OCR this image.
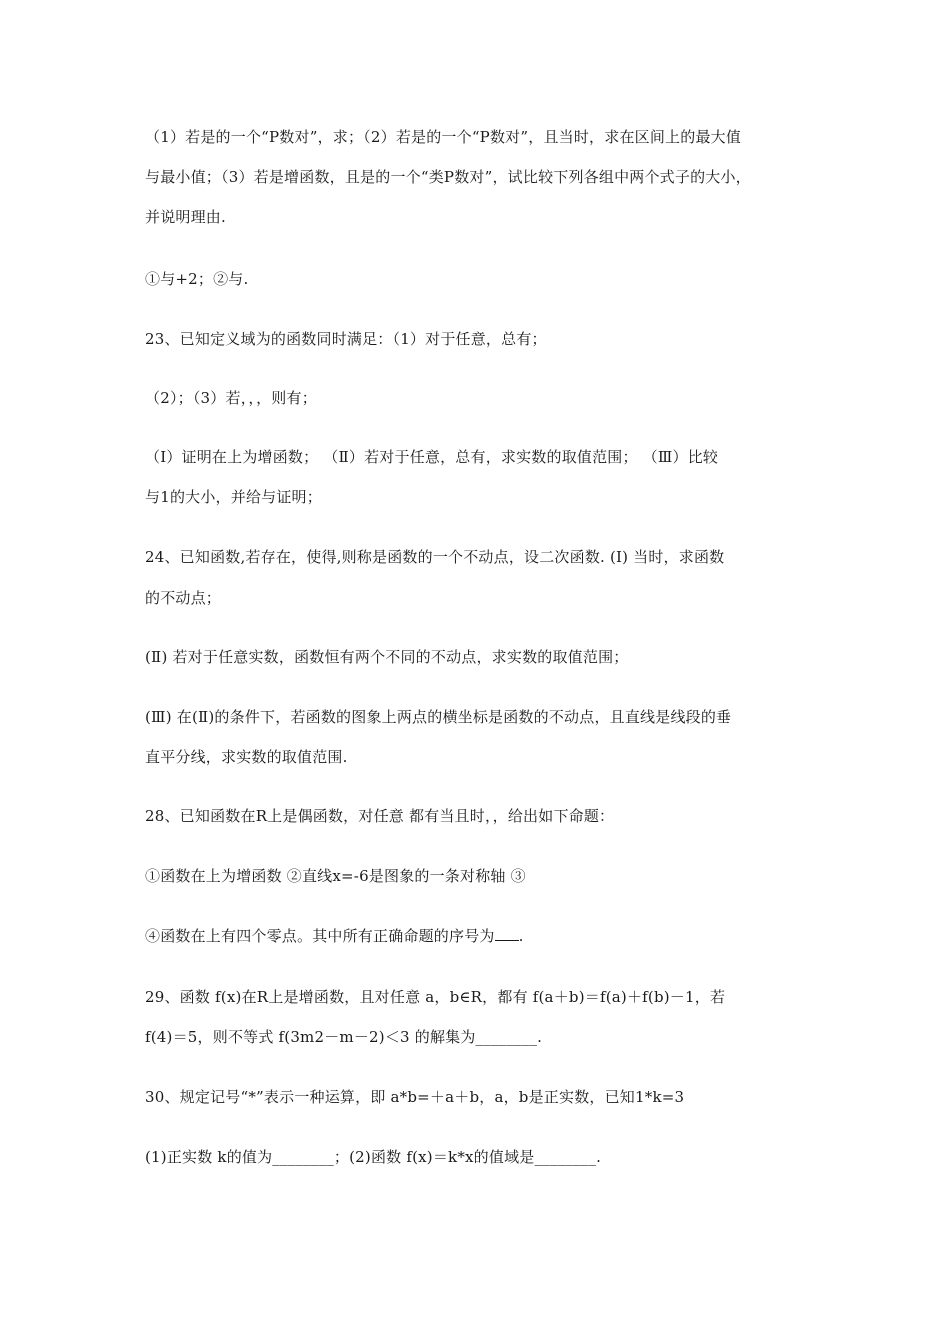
（1）若是的一个“P数对”，求；（2）若是的一个“P数对”，且当时，求在区间上的最大值
与最小值；（3）若是增函数，且是的一个“类P数对”，试比较下列各组中两个式子的大小，
并说明理由.
①与+2；②与.
23、已知定义域为的函数同时满足：（1）对于任意，总有；
（2）；（3）若，，，则有；
（Ⅰ）证明在上为增函数； （Ⅱ）若对于任意，总有，求实数的取值范围； （Ⅲ）比较
与1的大小，并给与证明；
24、已知函数,若存在，使得,则称是函数的一个不动点，设二次函数. (Ⅰ) 当时，求函数
的不动点；
(Ⅱ) 若对于任意实数，函数恒有两个不同的不动点，求实数的取值范围；
(Ⅲ) 在(Ⅱ)的条件下，若函数的图象上两点的横坐标是函数的不动点，且直线是线段的垂
直平分线，求实数的取值范围.
28、已知函数在R上是偶函数，对任意 都有当且时，，给出如下命题：
①函数在上为增函数 ②直线x=-6是图象的一条对称轴 ③
④函数在上有四个零点。其中所有正确命题的序号为 .
29、函数 f(x)在R上是增函数，且对任意 a，b∈R，都有 f(a＋b)＝f(a)＋f(b)－1，若
f(4)＝5，则不等式 f(3m2－m－2)＜3 的解集为________.
30、规定记号“*”表示一种运算，即 a*b=＋a＋b，a，b是正实数，已知1*k=3
(1)正实数 k的值为________；(2)函数 f(x)＝k*x的值域是________.
